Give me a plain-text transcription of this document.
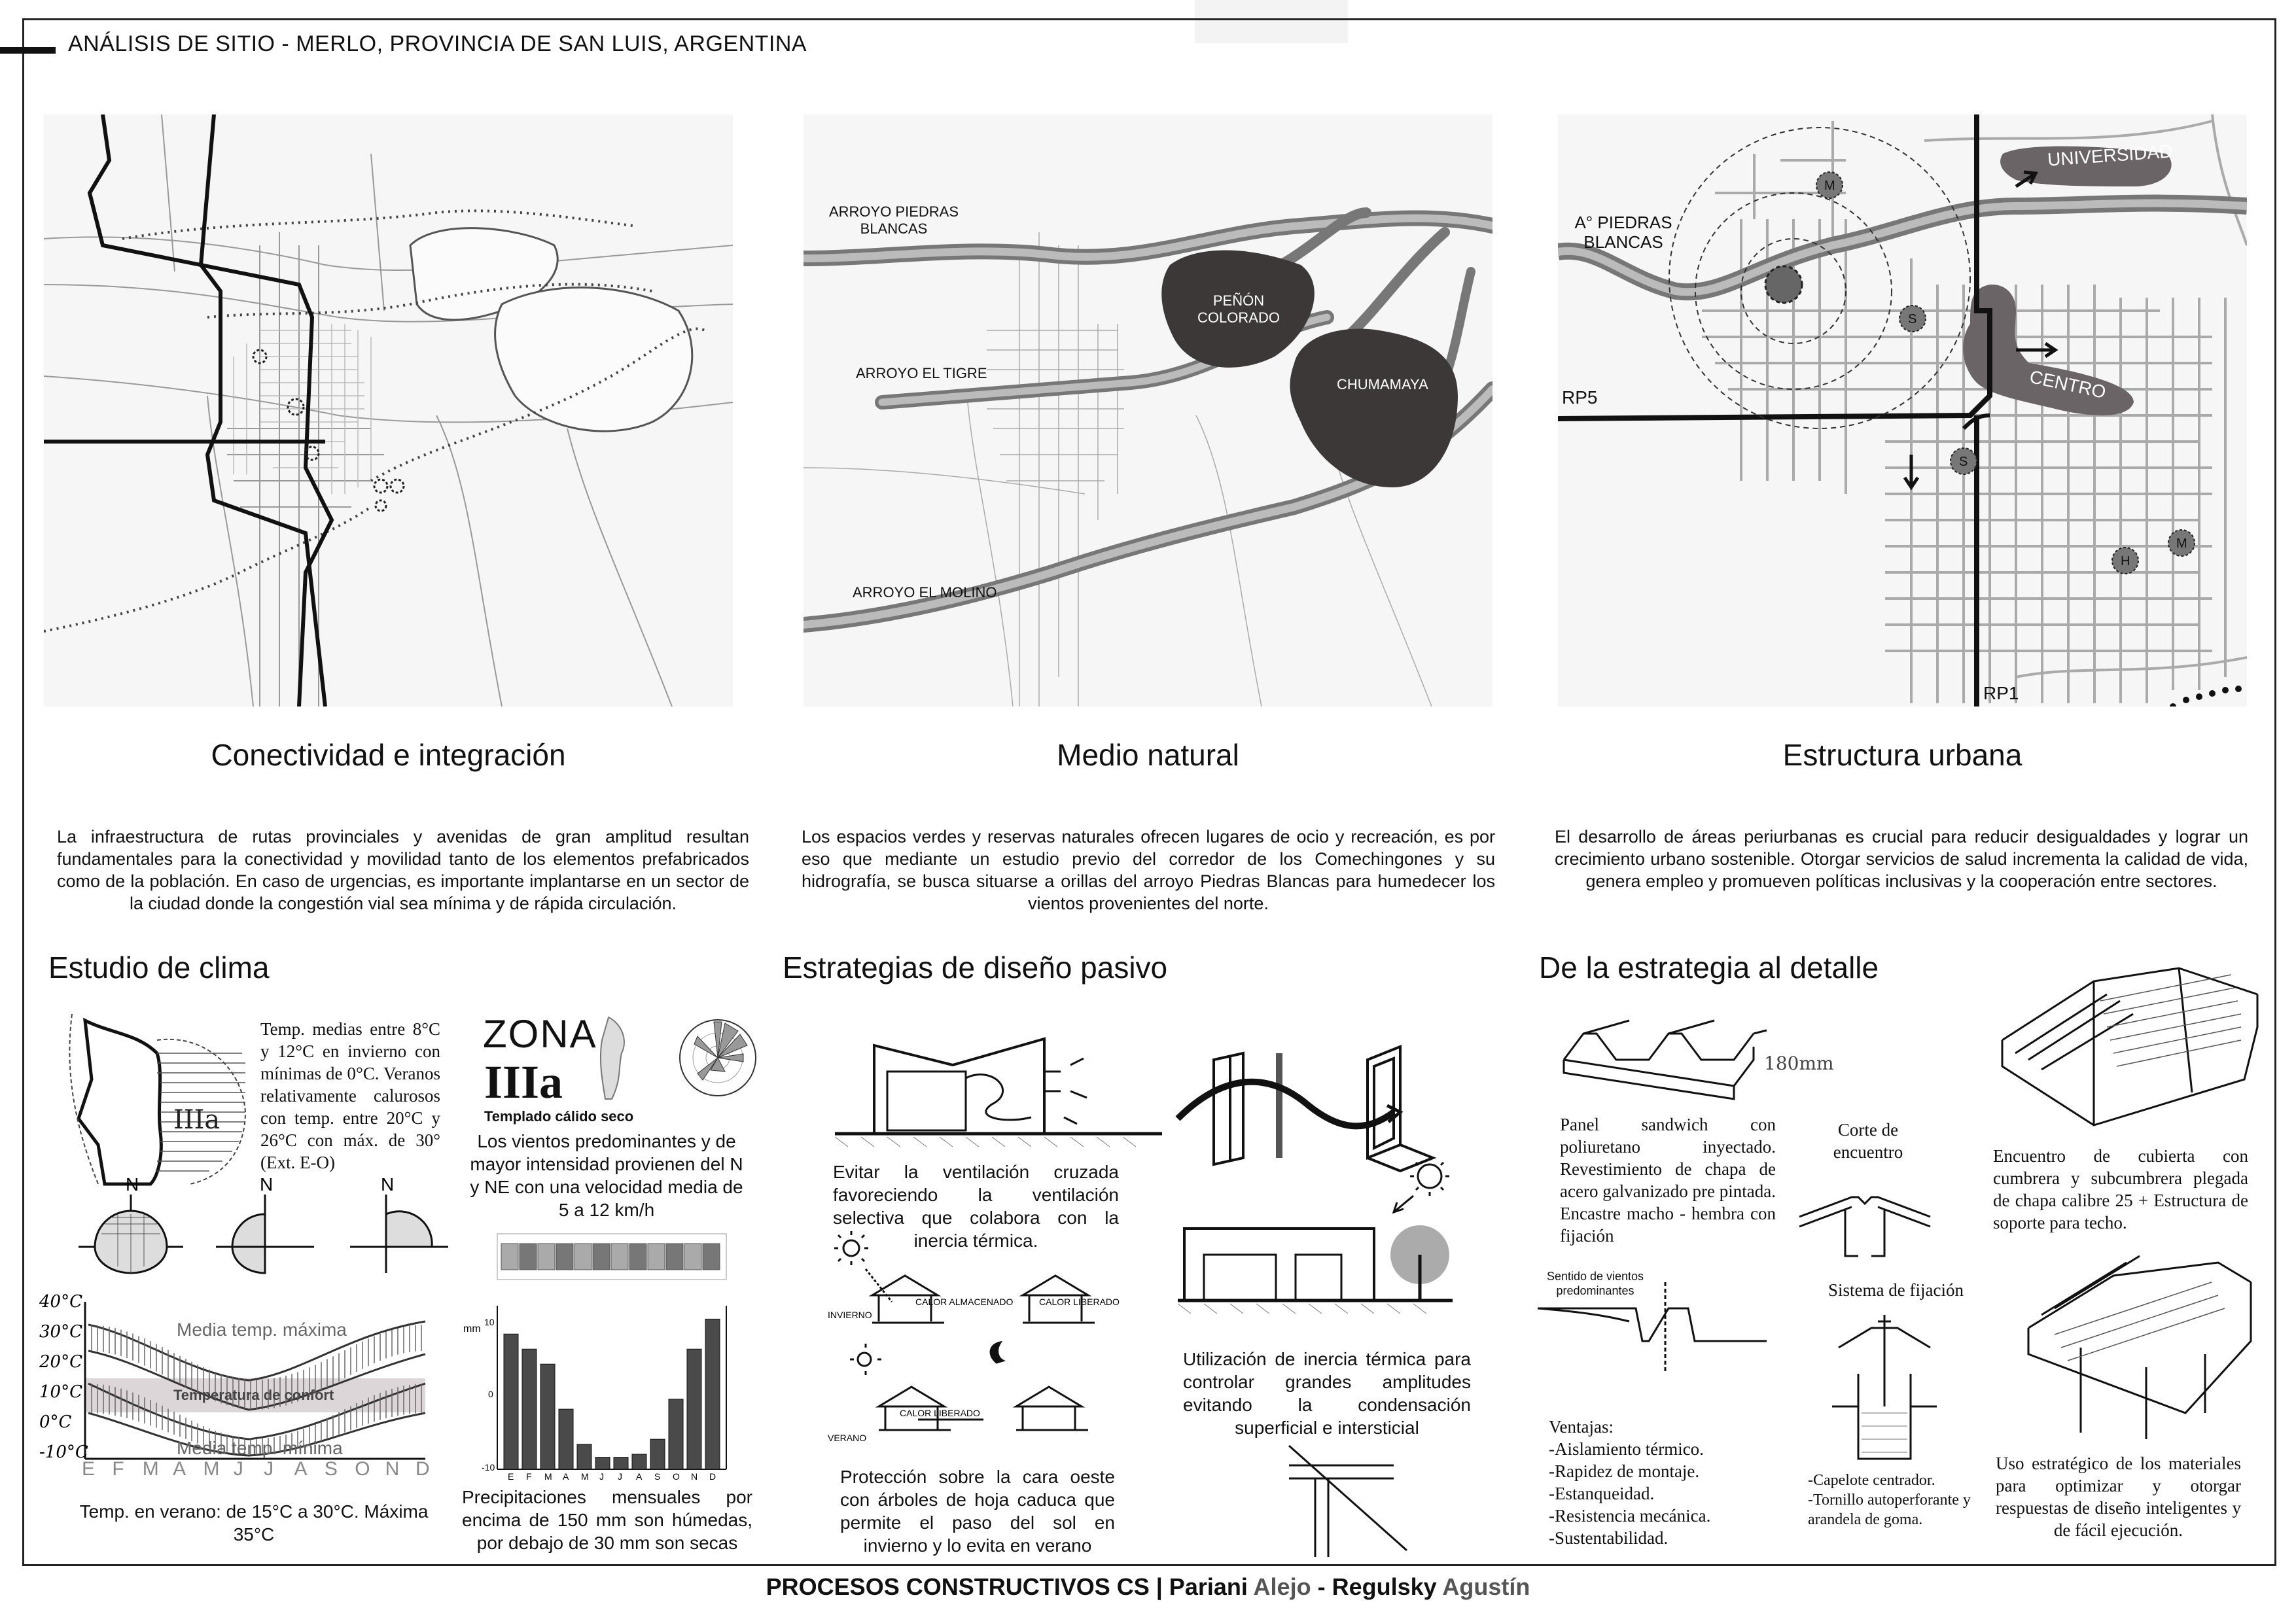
ANÁLISIS DE SITIO - MERLO, PROVINCIA DE SAN LUIS, ARGENTINA
ARROYO PIEDRAS BLANCAS
ARROYO EL TIGRE
ARROYO EL MOLINO
PEÑÓN COLORADO
CHUMAMAYA
A° PIEDRAS BLANCAS
UNIVERSIDAD
CENTRO
RP5
RP1
M
S
S
H
M
Conectividad e integración	Medio natural	Estructura urbana
La infraestructura de rutas provinciales y avenidas de gran amplitud resultan fundamentales para la conectividad y movilidad tanto de los elementos prefabricados como de la población. En caso de urgencias, es importante implantarse en un sector de la ciudad donde la congestión vial sea mínima y de rápida circulación.
Los espacios verdes y reservas naturales ofrecen lugares de ocio y recreación, es por eso que mediante un estudio previo del corredor de los Comechingones y su hidrografía, se busca situarse a orillas del arroyo Piedras Blancas para humedecer los vientos provenientes del norte.
El desarrollo de áreas periurbanas es crucial para reducir desigualdades y lograr un crecimiento urbano sostenible. Otorgar servicios de salud incrementa la calidad de vida, genera empleo y promueven políticas inclusivas y la cooperación entre sectores.
Estudio de clima	Estrategias de diseño pasivo	De la estrategia al detalle
IIIa
Temp. medias entre 8°C y 12°C en invierno con mínimas de 0°C. Veranos relativamente calurosos con temp. entre 20°C y 26°C con máx. de 30° (Ext. E-O)
ZONA
IIIa
Templado cálido seco
Los vientos predominantes y de mayor intensidad provienen del N y NE con una velocidad media de 5 a 12 km/h
N	N	N
40°C
30°C
20°C
10°C
0°C
-10°C
E F M A M J J A S O N D
Media temp. máxima
Temperatura de confort
Media temp. mínima
Temp. en verano: de 15°C a 30°C. Máxima 35°C
E F M A M J J A S O N D
mm
10
0
-10
Precipitaciones mensuales por encima de 150 mm son húmedas, por debajo de 30 mm son secas
Evitar la ventilación cruzada favoreciendo la ventilación selectiva que colabora con la inercia térmica.
Utilización de inercia térmica para controlar grandes amplitudes evitando la condensación superficial e intersticial
CALOR ALMACENADO	CALOR LIBERADO
CALOR LIBERADO
INVIERNO
VERANO
Protección sobre la cara oeste con árboles de hoja caduca que permite el paso del sol en invierno y lo evita en verano
180mm
Panel sandwich con poliuretano inyectado. Revestimiento de chapa de acero galvanizado pre pintada. Encastre macho - hembra con fijación
Corte de encuentro	Encuentro de cubierta con cumbrera y subcumbrera plegada de chapa calibre 25 + Estructura de soporte para techo.
Sentido de vientos predominantes	Sistema de fijación
Ventajas:
-Aislamiento térmico.
-Rapidez de montaje.
-Estanqueidad.
-Resistencia mecánica.
-Sustentabilidad.
-Capelote centrador.
-Tornillo autoperforante y arandela de goma.
Uso estratégico de los materiales para optimizar y otorgar respuestas de diseño inteligentes y de fácil ejecución.
PROCESOS CONSTRUCTIVOS CS | Pariani Alejo - Regulsky Agustín
